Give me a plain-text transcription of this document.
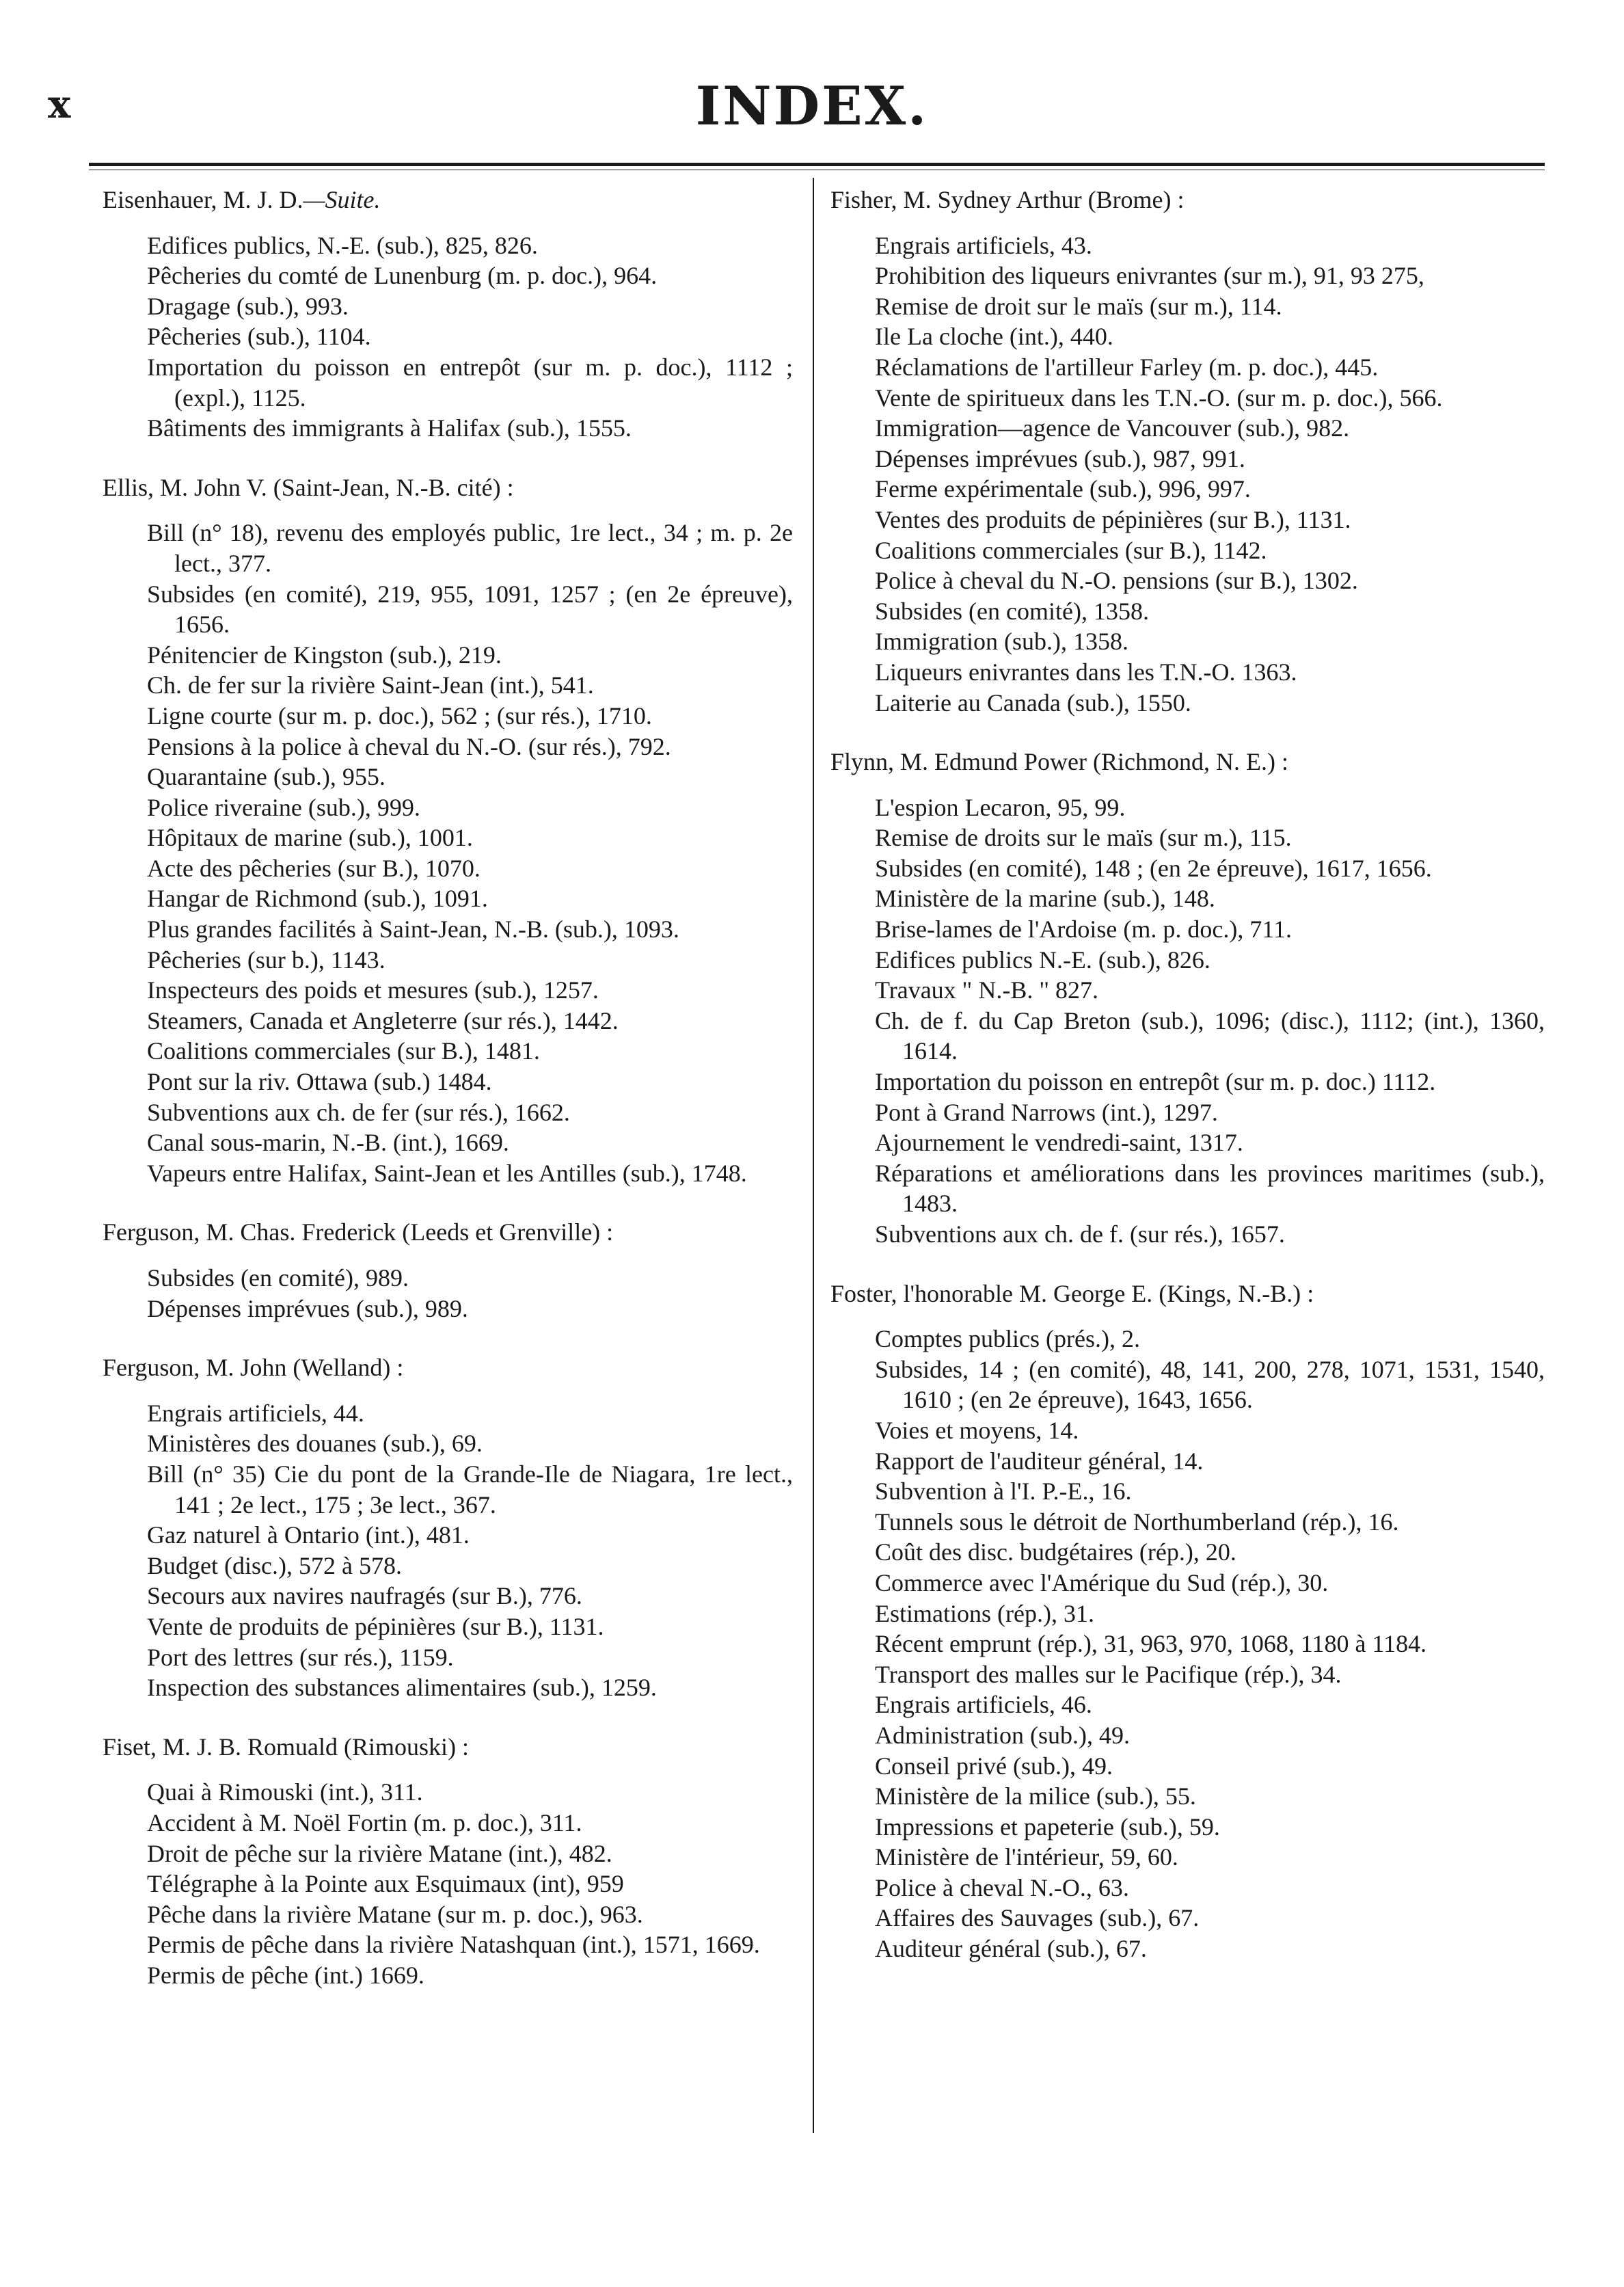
x	INDEX.
Eisenhauer, M. J. D.—Suite.
Edifices publics, N.-E. (sub.), 825, 826.
Pêcheries du comté de Lunenburg (m. p. doc.), 964.
Dragage (sub.), 993.
Pêcheries (sub.), 1104.
Importation du poisson en entrepôt (sur m. p. doc.), 1112 ; (expl.), 1125.
Bâtiments des immigrants à Halifax (sub.), 1555.
Ellis, M. John V. (Saint-Jean, N.-B. cité) :
Bill (n° 18), revenu des employés public, 1re lect., 34 ; m. p. 2e lect., 377.
Subsides (en comité), 219, 955, 1091, 1257 ; (en 2e épreuve), 1656.
Pénitencier de Kingston (sub.), 219.
Ch. de fer sur la rivière Saint-Jean (int.), 541.
Ligne courte (sur m. p. doc.), 562 ; (sur rés.), 1710.
Pensions à la police à cheval du N.-O. (sur rés.), 792.
Quarantaine (sub.), 955.
Police riveraine (sub.), 999.
Hôpitaux de marine (sub.), 1001.
Acte des pêcheries (sur B.), 1070.
Hangar de Richmond (sub.), 1091.
Plus grandes facilités à Saint-Jean, N.-B. (sub.), 1093.
Pêcheries (sur b.), 1143.
Inspecteurs des poids et mesures (sub.), 1257.
Steamers, Canada et Angleterre (sur rés.), 1442.
Coalitions commerciales (sur B.), 1481.
Pont sur la riv. Ottawa (sub.) 1484.
Subventions aux ch. de fer (sur rés.), 1662.
Canal sous-marin, N.-B. (int.), 1669.
Vapeurs entre Halifax, Saint-Jean et les Antilles (sub.), 1748.
Ferguson, M. Chas. Frederick (Leeds et Grenville) :
Subsides (en comité), 989.
Dépenses imprévues (sub.), 989.
Ferguson, M. John (Welland) :
Engrais artificiels, 44.
Ministères des douanes (sub.), 69.
Bill (n° 35) Cie du pont de la Grande-Ile de Niagara, 1re lect., 141 ; 2e lect., 175 ; 3e lect., 367.
Gaz naturel à Ontario (int.), 481.
Budget (disc.), 572 à 578.
Secours aux navires naufragés (sur B.), 776.
Vente de produits de pépinières (sur B.), 1131.
Port des lettres (sur rés.), 1159.
Inspection des substances alimentaires (sub.), 1259.
Fiset, M. J. B. Romuald (Rimouski) :
Quai à Rimouski (int.), 311.
Accident à M. Noël Fortin (m. p. doc.), 311.
Droit de pêche sur la rivière Matane (int.), 482.
Télégraphe à la Pointe aux Esquimaux (int), 959
Pêche dans la rivière Matane (sur m. p. doc.), 963.
Permis de pêche dans la rivière Natashquan (int.), 1571, 1669.
Permis de pêche (int.) 1669.
Fisher, M. Sydney Arthur (Brome) :
Engrais artificiels, 43.
Prohibition des liqueurs enivrantes (sur m.), 91, 93 275,
Remise de droit sur le maïs (sur m.), 114.
Ile La cloche (int.), 440.
Réclamations de l'artilleur Farley (m. p. doc.), 445.
Vente de spiritueux dans les T.N.-O. (sur m. p. doc.), 566.
Immigration—agence de Vancouver (sub.), 982.
Dépenses imprévues (sub.), 987, 991.
Ferme expérimentale (sub.), 996, 997.
Ventes des produits de pépinières (sur B.), 1131.
Coalitions commerciales (sur B.), 1142.
Police à cheval du N.-O. pensions (sur B.), 1302.
Subsides (en comité), 1358.
Immigration (sub.), 1358.
Liqueurs enivrantes dans les T.N.-O. 1363.
Laiterie au Canada (sub.), 1550.
Flynn, M. Edmund Power (Richmond, N. E.) :
L'espion Lecaron, 95, 99.
Remise de droits sur le maïs (sur m.), 115.
Subsides (en comité), 148 ; (en 2e épreuve), 1617, 1656.
Ministère de la marine (sub.), 148.
Brise-lames de l'Ardoise (m. p. doc.), 711.
Edifices publics N.-E. (sub.), 826.
Travaux " N.-B. " 827.
Ch. de f. du Cap Breton (sub.), 1096; (disc.), 1112; (int.), 1360, 1614.
Importation du poisson en entrepôt (sur m. p. doc.) 1112.
Pont à Grand Narrows (int.), 1297.
Ajournement le vendredi-saint, 1317.
Réparations et améliorations dans les provinces maritimes (sub.), 1483.
Subventions aux ch. de f. (sur rés.), 1657.
Foster, l'honorable M. George E. (Kings, N.-B.) :
Comptes publics (prés.), 2.
Subsides, 14 ; (en comité), 48, 141, 200, 278, 1071, 1531, 1540, 1610 ; (en 2e épreuve), 1643, 1656.
Voies et moyens, 14.
Rapport de l'auditeur général, 14.
Subvention à l'I. P.-E., 16.
Tunnels sous le détroit de Northumberland (rép.), 16.
Coût des disc. budgétaires (rép.), 20.
Commerce avec l'Amérique du Sud (rép.), 30.
Estimations (rép.), 31.
Récent emprunt (rép.), 31, 963, 970, 1068, 1180 à 1184.
Transport des malles sur le Pacifique (rép.), 34.
Engrais artificiels, 46.
Administration (sub.), 49.
Conseil privé (sub.), 49.
Ministère de la milice (sub.), 55.
Impressions et papeterie (sub.), 59.
Ministère de l'intérieur, 59, 60.
Police à cheval N.-O., 63.
Affaires des Sauvages (sub.), 67.
Auditeur général (sub.), 67.
